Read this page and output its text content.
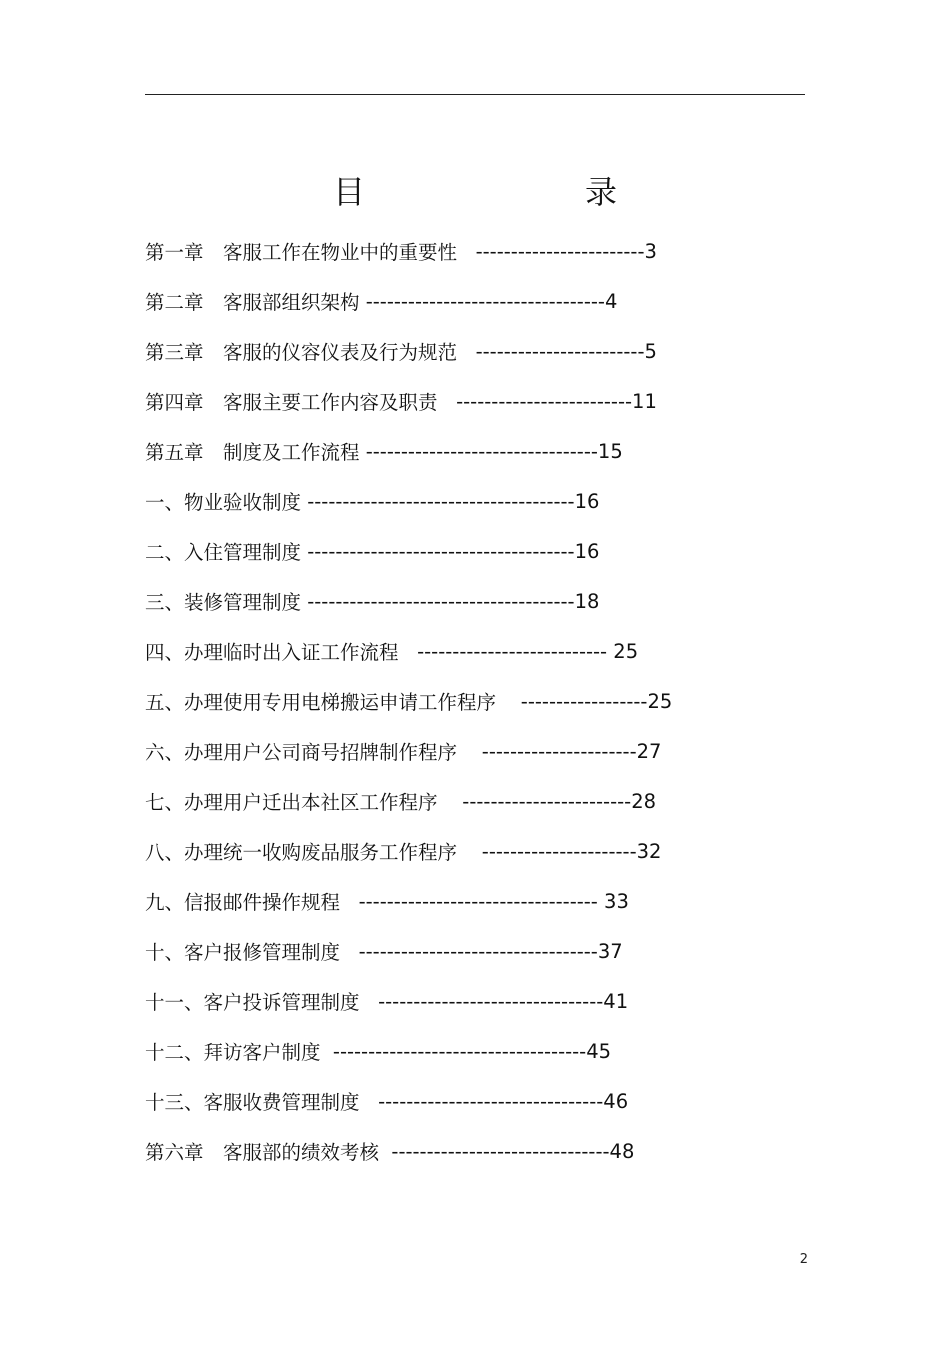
目　　录
第一章　客服工作在物业中的重要性 ------------------------ 3
第二章　客服部组织架构 ---------------------------------- 4
第三章　客服的仪容仪表及行为规范 ------------------------ 5
第四章　客服主要工作内容及职责 ------------------------- 11
第五章　制度及工作流程 --------------------------------- 15
一、物业验收制度 -------------------------------------- 16
二、入住管理制度 -------------------------------------- 16
三、装修管理制度 -------------------------------------- 18
四、办理临时出入证工作流程 --------------------------- 25
五、办理使用专用电梯搬运申请工作程序 ------------------ 25
六、办理用户公司商号招牌制作程序 ---------------------- 27
七、办理用户迁出本社区工作程序 ------------------------ 28
八、办理统一收购废品服务工作程序 ---------------------- 32
九、信报邮件操作规程 ---------------------------------- 33
十、客户报修管理制度 ---------------------------------- 37
十一、客户投诉管理制度 -------------------------------- 41
十二、拜访客户制度 ------------------------------------ 45
十三、客服收费管理制度 -------------------------------- 46
第六章　客服部的绩效考核 ------------------------------- 48
2
